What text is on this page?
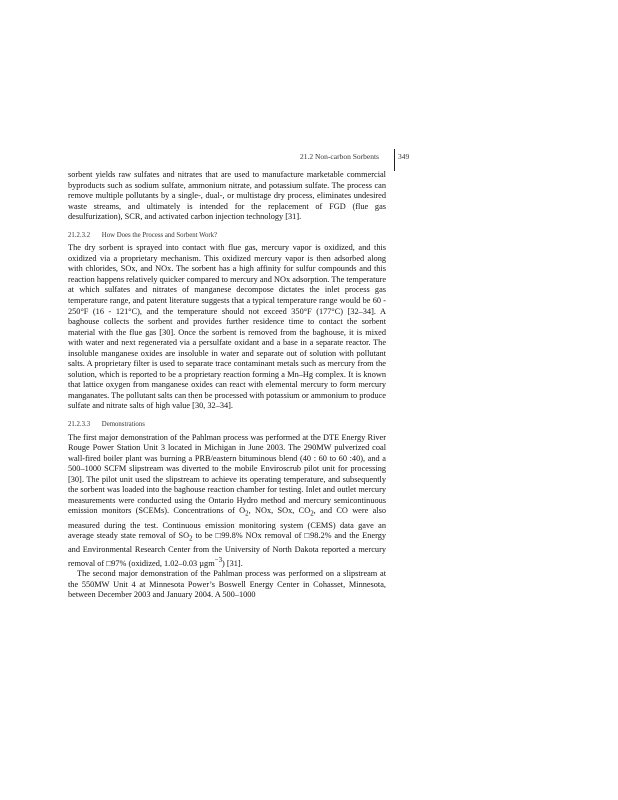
21.2 Non-carbon Sorbents	349

sorbent yields raw sulfates and nitrates that are used to manufacture marketable commercial byproducts such as sodium sulfate, ammonium nitrate, and potassium sulfate. The process can remove multiple pollutants by a single-, dual-, or multistage dry process, eliminates undesired waste streams, and ultimately is intended for the replacement of FGD (flue gas desulfurization), SCR, and activated carbon injection technology [31].

21.2.3.2 How Does the Process and Sorbent Work?

The dry sorbent is sprayed into contact with flue gas, mercury vapor is oxidized, and this oxidized via a proprietary mechanism. This oxidized mercury vapor is then adsorbed along with chlorides, SOx, and NOx. The sorbent has a high affinity for sulfur compounds and this reaction happens relatively quicker compared to mercury and NOx adsorption. The temperature at which sulfates and nitrates of manganese decompose dictates the inlet process gas temperature range, and patent literature suggests that a typical temperature range would be 60 - 250°F (16 - 121°C), and the temperature should not exceed 350°F (177°C) [32–34]. A baghouse collects the sorbent and provides further residence time to contact the sorbent material with the flue gas [30]. Once the sorbent is removed from the baghouse, it is mixed with water and next regenerated via a persulfate oxidant and a base in a separate reactor. The insoluble manganese oxides are insoluble in water and separate out of solution with pollutant salts. A proprietary filter is used to separate trace contaminant metals such as mercury from the solution, which is reported to be a proprietary reaction forming a Mn–Hg complex. It is known that lattice oxygen from manganese oxides can react with elemental mercury to form mercury manganates. The pollutant salts can then be processed with potassium or ammonium to produce sulfate and nitrate salts of high value [30, 32–34].

21.2.3.3 Demonstrations

The first major demonstration of the Pahlman process was performed at the DTE Energy River Rouge Power Station Unit 3 located in Michigan in June 2003. The 290MW pulverized coal wall-fired boiler plant was burning a PRB/eastern bituminous blend (40 : 60 to 60 :40), and a 500–1000 SCFM slipstream was diverted to the mobile Enviroscrub pilot unit for processing [30]. The pilot unit used the slipstream to achieve its operating temperature, and subsequently the sorbent was loaded into the baghouse reaction chamber for testing. Inlet and outlet mercury measurements were conducted using the Ontario Hydro method and mercury semicontinuous emission monitors (SCEMs). Concentrations of $O_2$, NOx, SOx, $CO_2$, and CO were also measured during the test. Continuous emission monitoring system (CEMS) data gave an average steady state removal of $SO_2$ to be □99.8% NOx removal of □98.2% and the Energy and Environmental Research Center from the University of North Dakota reported a mercury removal of □97% (oxidized, 1.02–0.03 µgm$^{-3}$) [31].

The second major demonstration of the Pahlman process was performed on a slipstream at the 550MW Unit 4 at Minnesota Power’s Boswell Energy Center in Cohasset, Minnesota, between December 2003 and January 2004. A 500–1000
